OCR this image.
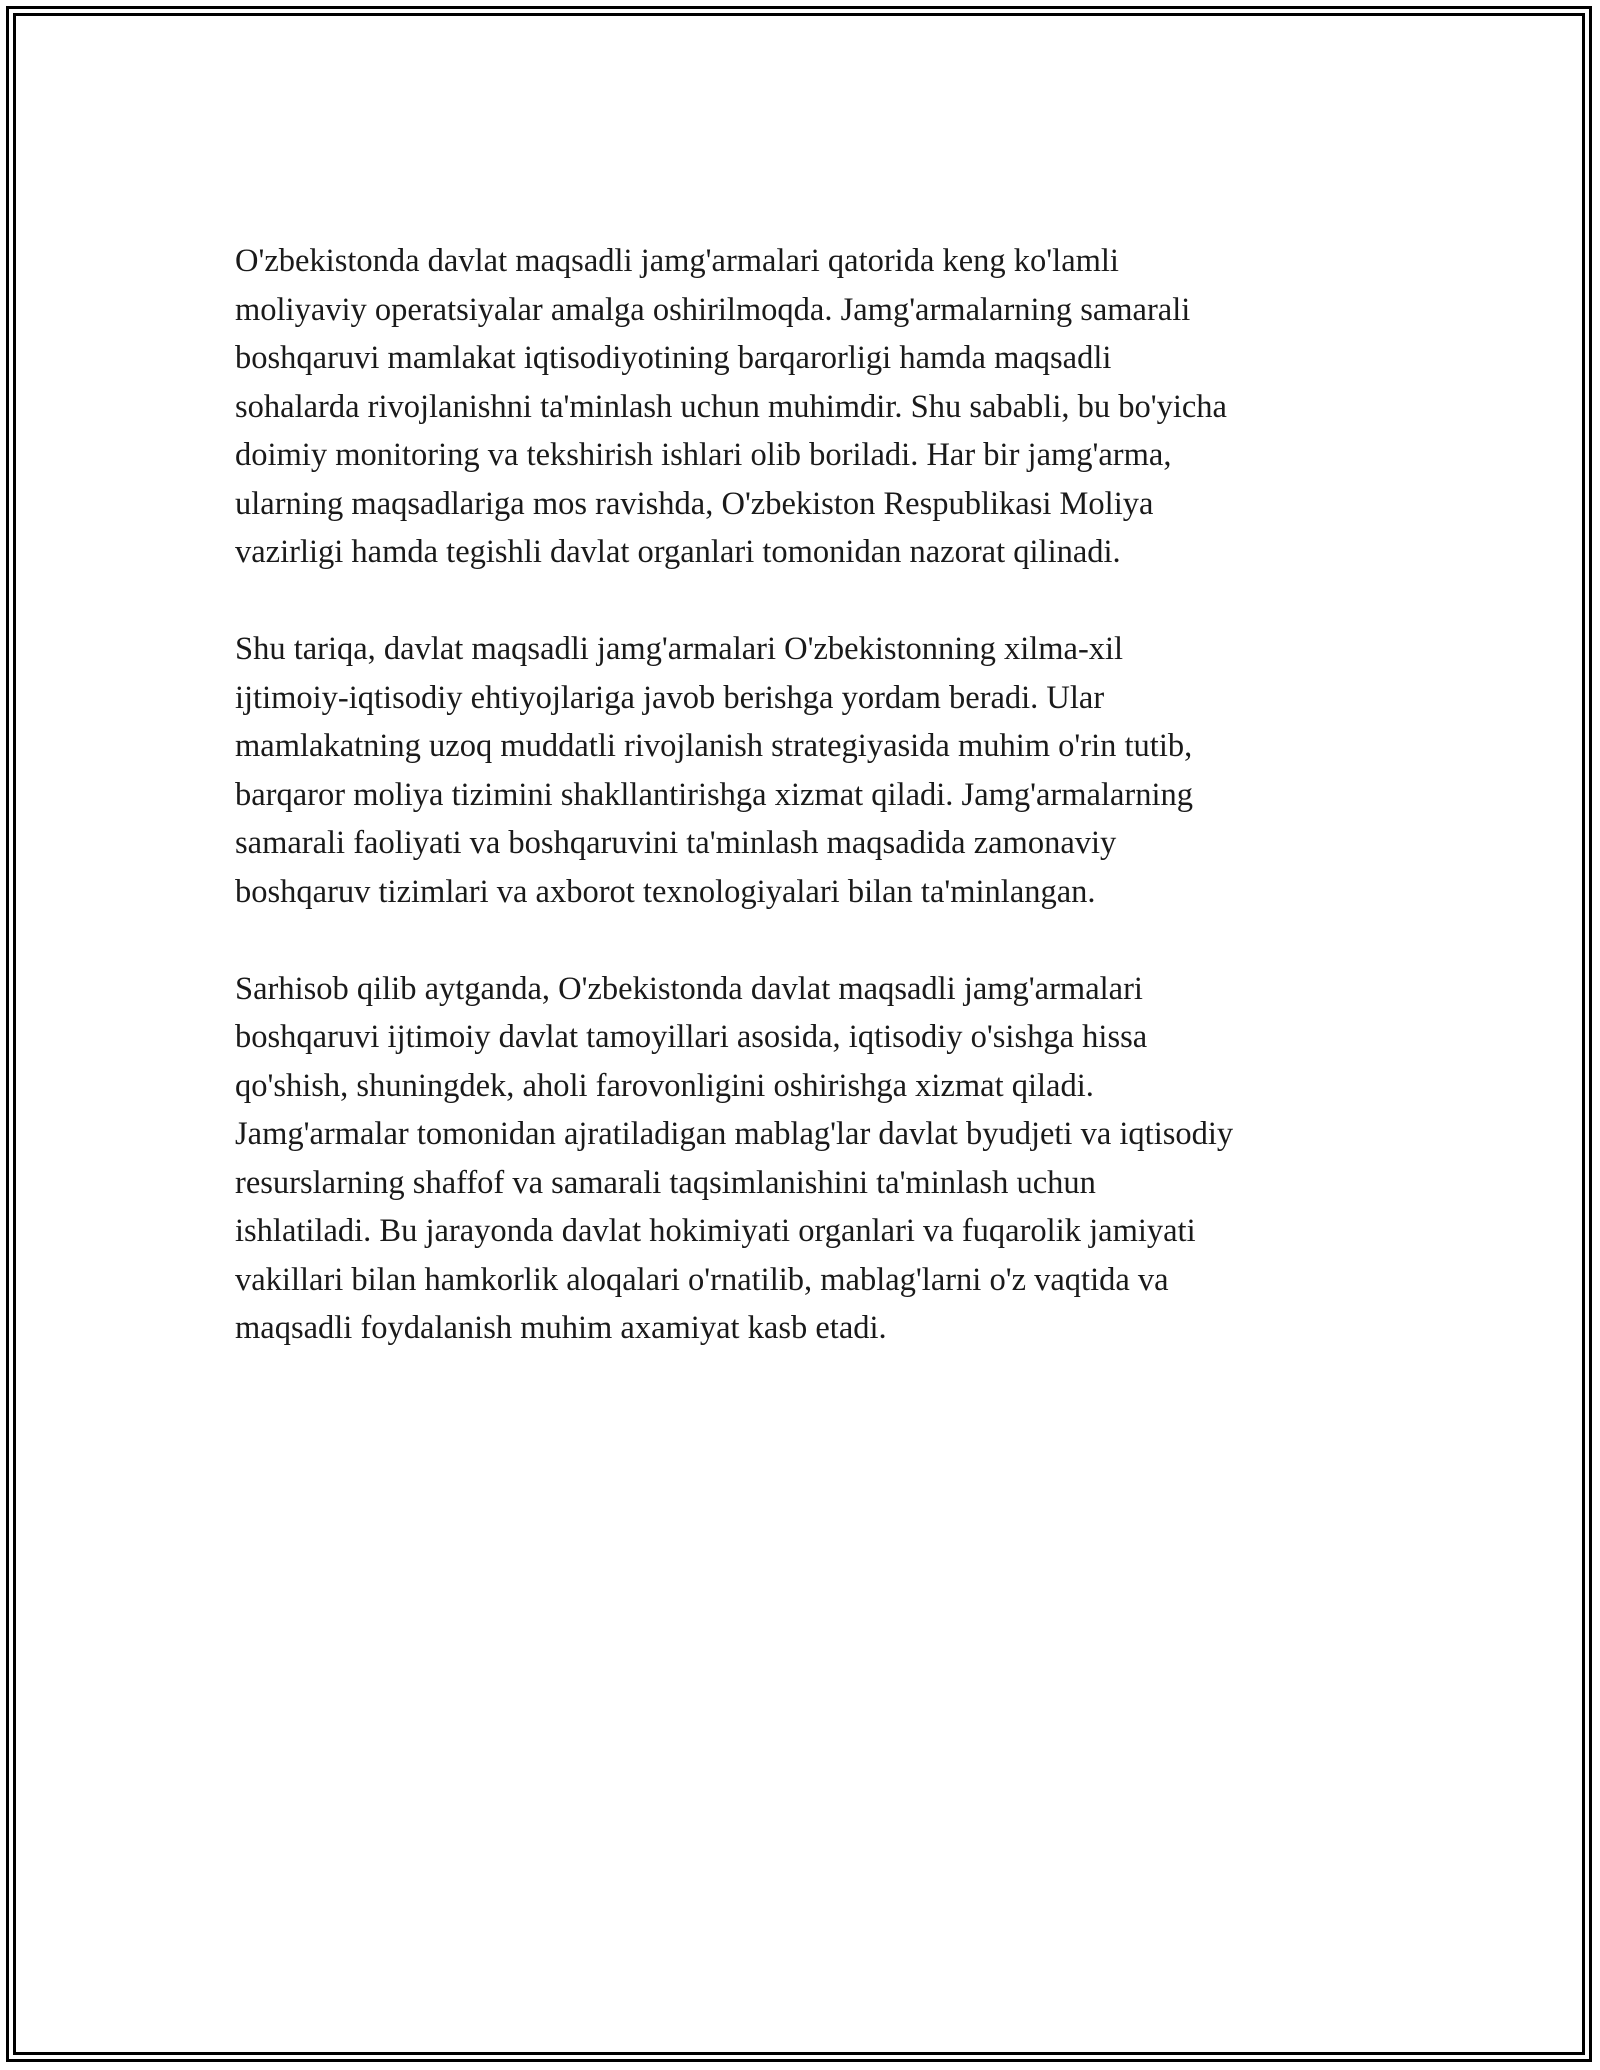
O'zbekistonda davlat maqsadli jamg'armalari qatorida keng ko'lamli
moliyaviy operatsiyalar amalga oshirilmoqda. Jamg'armalarning samarali
boshqaruvi mamlakat iqtisodiyotining barqarorligi hamda maqsadli
sohalarda rivojlanishni ta'minlash uchun muhimdir. Shu sababli, bu bo'yicha
doimiy monitoring va tekshirish ishlari olib boriladi. Har bir jamg'arma,
ularning maqsadlariga mos ravishda, O'zbekiston Respublikasi Moliya
vazirligi hamda tegishli davlat organlari tomonidan nazorat qilinadi.

Shu tariqa, davlat maqsadli jamg'armalari O'zbekistonning xilma-xil
ijtimoiy-iqtisodiy ehtiyojlariga javob berishga yordam beradi. Ular
mamlakatning uzoq muddatli rivojlanish strategiyasida muhim o'rin tutib,
barqaror moliya tizimini shakllantirishga xizmat qiladi. Jamg'armalarning
samarali faoliyati va boshqaruvini ta'minlash maqsadida zamonaviy
boshqaruv tizimlari va axborot texnologiyalari bilan ta'minlangan.

Sarhisob qilib aytganda, O'zbekistonda davlat maqsadli jamg'armalari
boshqaruvi ijtimoiy davlat tamoyillari asosida, iqtisodiy o'sishga hissa
qo'shish, shuningdek, aholi farovonligini oshirishga xizmat qiladi.
Jamg'armalar tomonidan ajratiladigan mablag'lar davlat byudjeti va iqtisodiy
resurslarning shaffof va samarali taqsimlanishini ta'minlash uchun
ishlatiladi. Bu jarayonda davlat hokimiyati organlari va fuqarolik jamiyati
vakillari bilan hamkorlik aloqalari o'rnatilib, mablag'larni o'z vaqtida va
maqsadli foydalanish muhim axamiyat kasb etadi.
